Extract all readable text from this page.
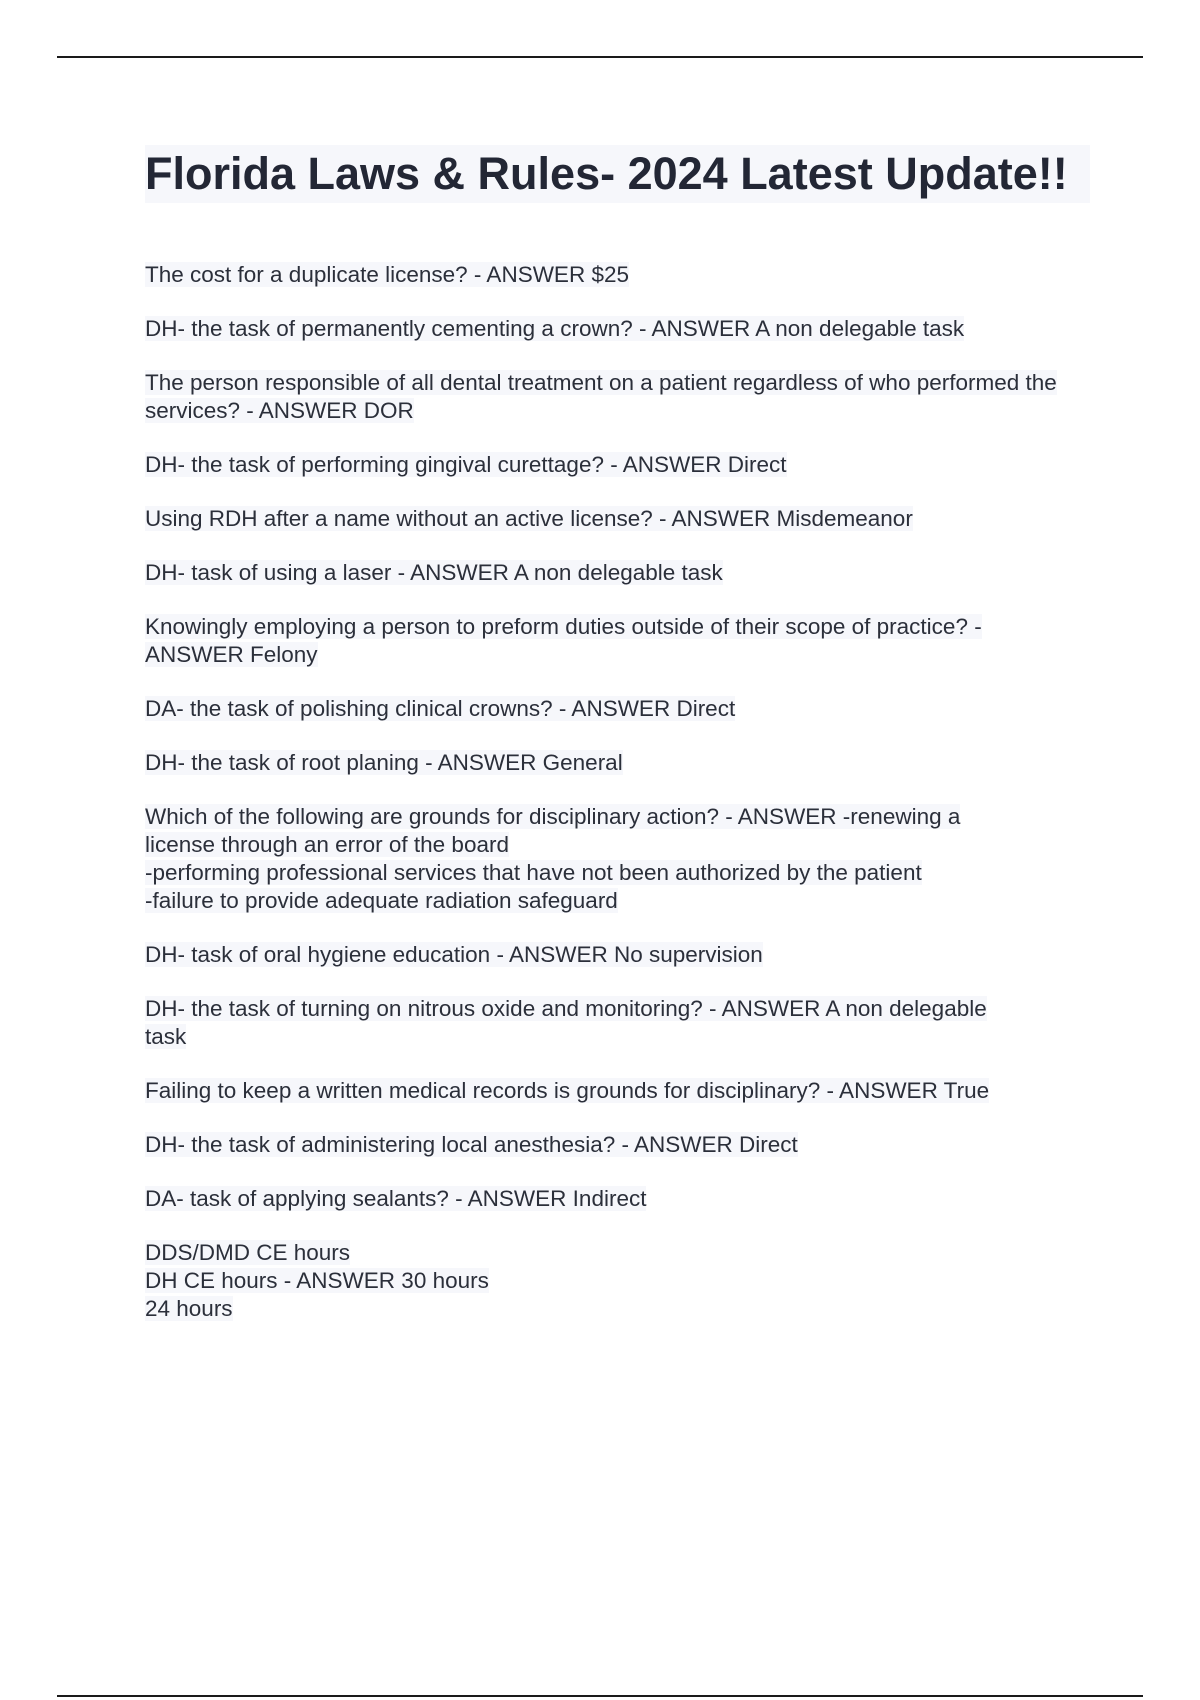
Florida Laws & Rules- 2024 Latest Update!!
The cost for a duplicate license? - ANSWER $25
DH- the task of permanently cementing a crown? - ANSWER A non delegable task
The person responsible of all dental treatment on a patient regardless of who performed the services? - ANSWER DOR
DH- the task of performing gingival curettage? - ANSWER Direct
Using RDH after a name without an active license? - ANSWER Misdemeanor
DH- task of using a laser - ANSWER A non delegable task
Knowingly employing a person to preform duties outside of their scope of practice? -
ANSWER Felony
DA- the task of polishing clinical crowns? - ANSWER Direct
DH- the task of root planing - ANSWER General
Which of the following are grounds for disciplinary action? - ANSWER -renewing a
license through an error of the board
-performing professional services that have not been authorized by the patient
-failure to provide adequate radiation safeguard
DH- task of oral hygiene education - ANSWER No supervision
DH- the task of turning on nitrous oxide and monitoring? - ANSWER A non delegable
task
Failing to keep a written medical records is grounds for disciplinary? - ANSWER True
DH- the task of administering local anesthesia? - ANSWER Direct
DA- task of applying sealants? - ANSWER Indirect
DDS/DMD CE hours
DH CE hours - ANSWER 30 hours
24 hours
